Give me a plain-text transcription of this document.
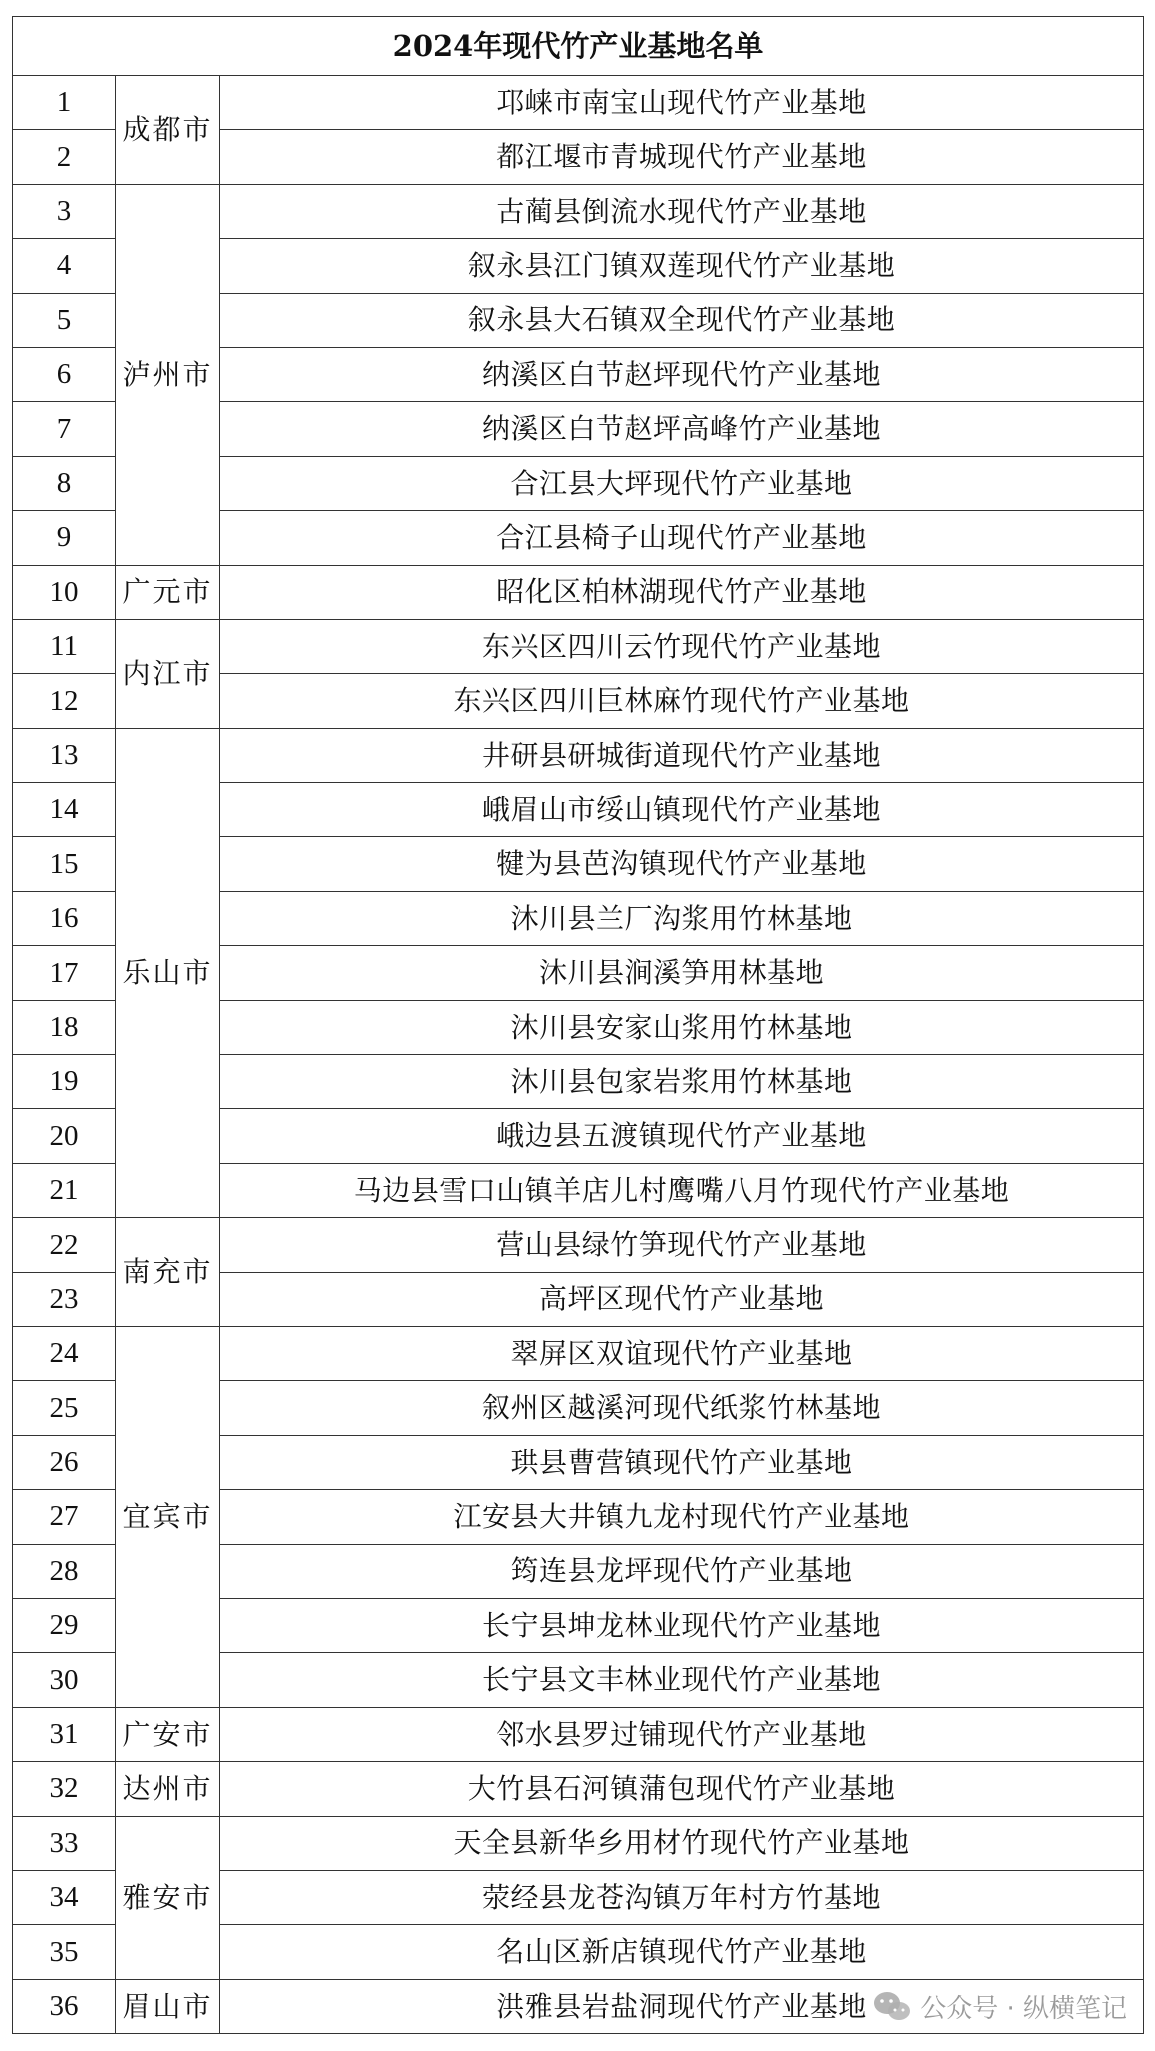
2024年现代竹产业基地名单		
1	成都市	邛崃市南宝山现代竹产业基地
2		都江堰市青城现代竹产业基地
3	泸州市	古蔺县倒流水现代竹产业基地
4		叙永县江门镇双莲现代竹产业基地
5		叙永县大石镇双全现代竹产业基地
6		纳溪区白节赵坪现代竹产业基地
7		纳溪区白节赵坪高峰竹产业基地
8		合江县大坪现代竹产业基地
9		合江县椅子山现代竹产业基地
10	广元市	昭化区柏林湖现代竹产业基地
11	内江市	东兴区四川云竹现代竹产业基地
12		东兴区四川巨林麻竹现代竹产业基地
13	乐山市	井研县研城街道现代竹产业基地
14		峨眉山市绥山镇现代竹产业基地
15		犍为县芭沟镇现代竹产业基地
16		沐川县兰厂沟浆用竹林基地
17		沐川县涧溪笋用林基地
18		沐川县安家山浆用竹林基地
19		沐川县包家岩浆用竹林基地
20		峨边县五渡镇现代竹产业基地
21		马边县雪口山镇羊店儿村鹰嘴八月竹现代竹产业基地
22	南充市	营山县绿竹笋现代竹产业基地
23		高坪区现代竹产业基地
24	宜宾市	翠屏区双谊现代竹产业基地
25		叙州区越溪河现代纸浆竹林基地
26		珙县曹营镇现代竹产业基地
27		江安县大井镇九龙村现代竹产业基地
28		筠连县龙坪现代竹产业基地
29		长宁县坤龙林业现代竹产业基地
30		长宁县文丰林业现代竹产业基地
31	广安市	邻水县罗过铺现代竹产业基地
32	达州市	大竹县石河镇蒲包现代竹产业基地
33	雅安市	天全县新华乡用材竹现代竹产业基地
34		荥经县龙苍沟镇万年村方竹基地
35		名山区新店镇现代竹产业基地
36	眉山市	洪雅县岩盐洞现代竹产业基地 公众号 · 纵横笔记
